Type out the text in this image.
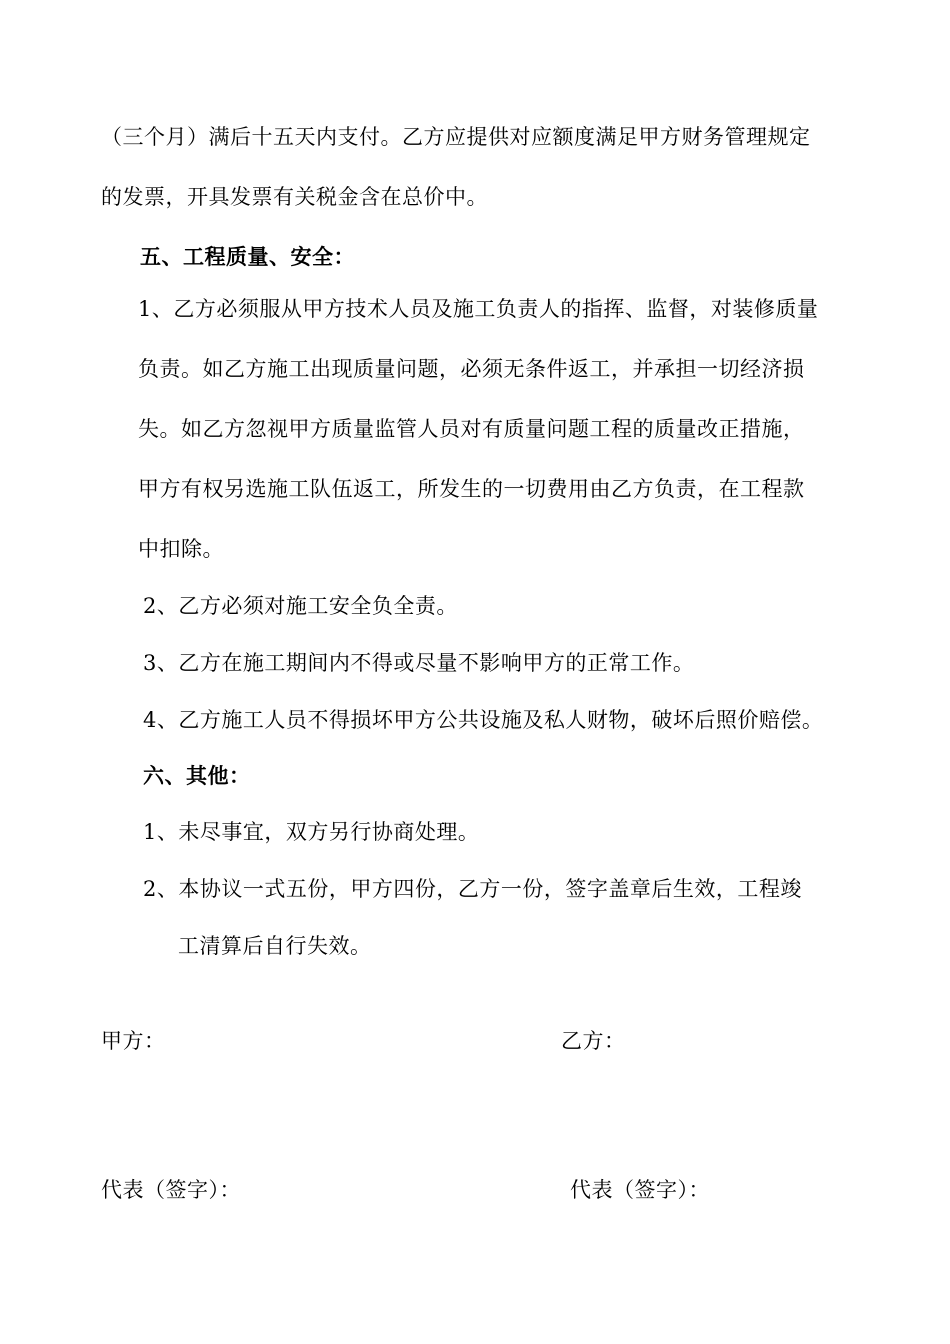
（三个月）满后十五天内支付。乙方应提供对应额度满足甲方财务管理规定
的发票，开具发票有关税金含在总价中。
五、工程质量、安全：
1、乙方必须服从甲方技术人员及施工负责人的指挥、监督，对装修质量
负责。如乙方施工出现质量问题，必须无条件返工，并承担一切经济损
失。如乙方忽视甲方质量监管人员对有质量问题工程的质量改正措施，
甲方有权另选施工队伍返工，所发生的一切费用由乙方负责，在工程款
中扣除。
2、乙方必须对施工安全负全责。
3、乙方在施工期间内不得或尽量不影响甲方的正常工作。
4、乙方施工人员不得损坏甲方公共设施及私人财物，破坏后照价赔偿。
六、其他：
1、未尽事宜，双方另行协商处理。
2、本协议一式五份，甲方四份，乙方一份，签字盖章后生效，工程竣
工清算后自行失效。
甲方：	乙方：
代表（签字）：	代表（签字）：
